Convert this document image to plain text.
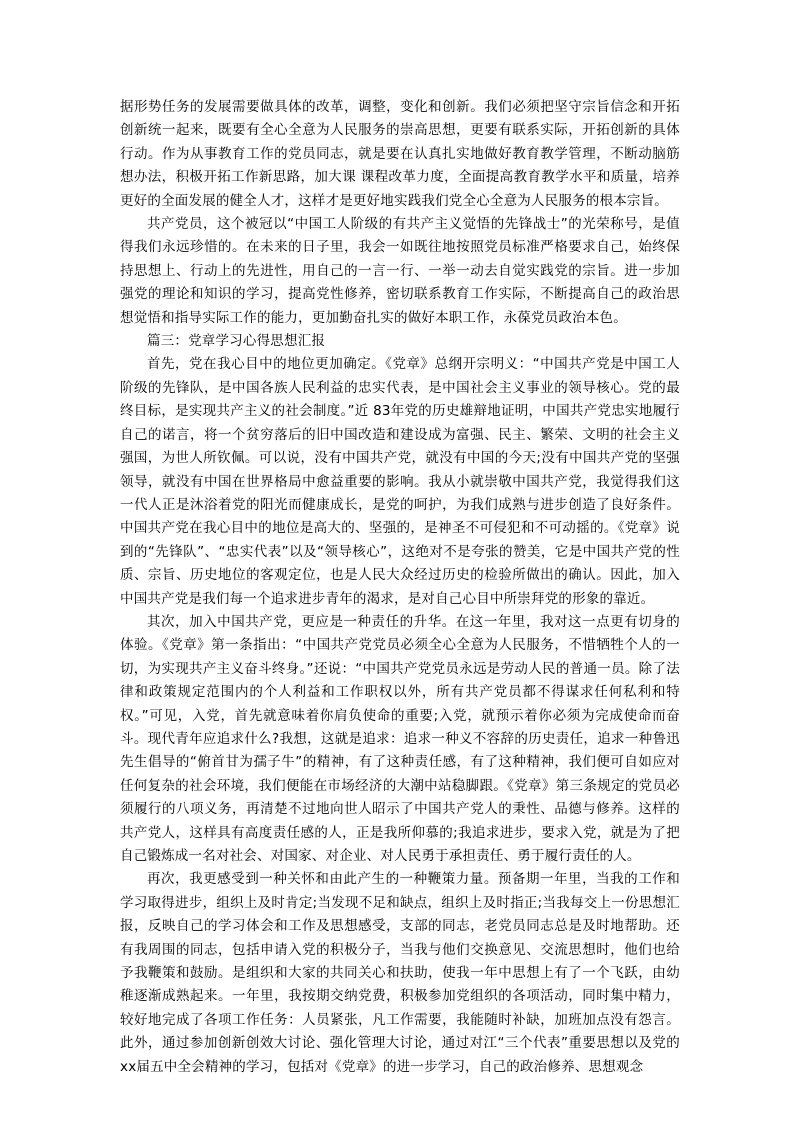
据形势任务的发展需要做具体的改革，调整，变化和创新。我们必须把坚守宗旨信念和开拓创新统一起来，既要有全心全意为人民服务的崇高思想，更要有联系实际，开拓创新的具体行动。作为从事教育工作的党员同志，就是要在认真扎实地做好教育教学管理，不断动脑筋想办法，积极开拓工作新思路，加大课 课程改革力度，全面提高教育教学水平和质量，培养更好的全面发展的健全人才，这样才是更好地实践我们党全心全意为人民服务的根本宗旨。

共产党员，这个被冠以“中国工人阶级的有共产主义觉悟的先锋战士”的光荣称号，是值得我们永远珍惜的。在未来的日子里，我会一如既往地按照党员标准严格要求自己，始终保持思想上、行动上的先进性，用自己的一言一行、一举一动去自觉实践党的宗旨。进一步加强党的理论和知识的学习，提高党性修养，密切联系教育工作实际，不断提高自己的政治思想觉悟和指导实际工作的能力，更加勤奋扎实的做好本职工作，永葆党员政治本色。

篇三：党章学习心得思想汇报

首先，党在我心目中的地位更加确定。《党章》总纲开宗明义：“中国共产党是中国工人阶级的先锋队，是中国各族人民利益的忠实代表，是中国社会主义事业的领导核心。党的最终目标，是实现共产主义的社会制度。”近 83年党的历史雄辩地证明，中国共产党忠实地履行自己的诺言，将一个贫穷落后的旧中国改造和建设成为富强、民主、繁荣、文明的社会主义强国，为世人所钦佩。可以说，没有中国共产党，就没有中国的今天;没有中国共产党的坚强领导，就没有中国在世界格局中愈益重要的影响。我从小就崇敬中国共产党，我觉得我们这一代人正是沐浴着党的阳光而健康成长，是党的呵护，为我们成熟与进步创造了良好条件。中国共产党在我心目中的地位是高大的、坚强的，是神圣不可侵犯和不可动摇的。《党章》说到的“先锋队”、“忠实代表”以及“领导核心”，这绝对不是夸张的赞美，它是中国共产党的性质、宗旨、历史地位的客观定位，也是人民大众经过历史的检验所做出的确认。因此，加入中国共产党是我们每一个追求进步青年的渴求，是对自己心目中所崇拜党的形象的靠近。

其次，加入中国共产党，更应是一种责任的升华。在这一年里，我对这一点更有切身的体验。《党章》第一条指出：“中国共产党党员必须全心全意为人民服务，不惜牺牲个人的一切，为实现共产主义奋斗终身。”还说：“中国共产党党员永远是劳动人民的普通一员。除了法律和政策规定范围内的个人利益和工作职权以外，所有共产党员都不得谋求任何私利和特权。”可见，入党，首先就意味着你肩负使命的重要;入党，就预示着你必须为完成使命而奋斗。现代青年应追求什么?我想，这就是追求：追求一种义不容辞的历史责任，追求一种鲁迅先生倡导的“俯首甘为孺子牛”的精神，有了这种责任感，有了这种精神，我们便可自如应对任何复杂的社会环境，我们便能在市场经济的大潮中站稳脚跟。《党章》第三条规定的党员必须履行的八项义务，再清楚不过地向世人昭示了中国共产党人的秉性、品德与修养。这样的共产党人，这样具有高度责任感的人，正是我所仰慕的;我追求进步，要求入党，就是为了把自己锻炼成一名对社会、对国家、对企业、对人民勇于承担责任、勇于履行责任的人。

再次，我更感受到一种关怀和由此产生的一种鞭策力量。预备期一年里，当我的工作和学习取得进步，组织上及时肯定;当发现不足和缺点，组织上及时指正;当我每交上一份思想汇报，反映自己的学习体会和工作及思想感受，支部的同志，老党员同志总是及时地帮助。还有我周围的同志，包括申请入党的积极分子，当我与他们交换意见、交流思想时，他们也给予我鞭策和鼓励。是组织和大家的共同关心和扶助，使我一年中思想上有了一个飞跃，由幼稚逐渐成熟起来。一年里，我按期交纳党费，积极参加党组织的各项活动，同时集中精力，较好地完成了各项工作任务：人员紧张，凡工作需要，我能随时补缺，加班加点没有怨言。此外，通过参加创新创效大讨论、强化管理大讨论，通过对江“三个代表”重要思想以及党的 xx届五中全会精神的学习，包括对《党章》的进一步学习，自己的政治修养、思想观念
